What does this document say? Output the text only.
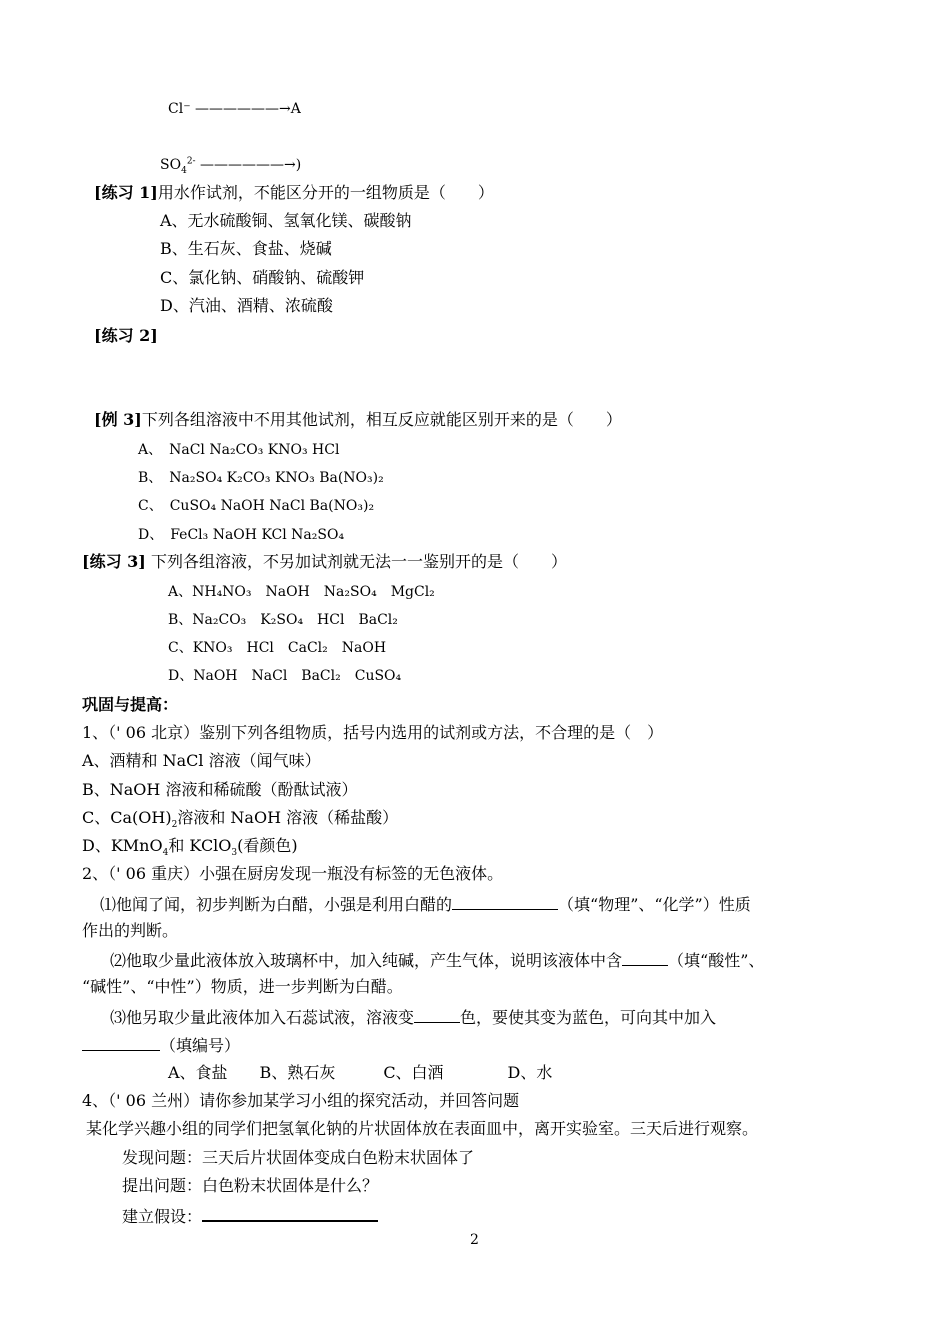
Cl⁻ ——————→A
$SO_4^{2-}$ ——————→)
[练习 1]用水作试剂，不能区分开的一组物质是（　　）
A、无水硫酸铜、氢氧化镁、碳酸钠
B、生石灰、食盐、烧碱
C、氯化钠、硝酸钠、硫酸钾
D、汽油、酒精、浓硫酸
[练习 2]
[例 3]下列各组溶液中不用其他试剂，相互反应就能区别开来的是（　　）
A、　NaCl Na₂CO₃ KNO₃ HCl
B、　Na₂SO₄ K₂CO₃ KNO₃ Ba(NO₃)₂
C、　CuSO₄ NaOH NaCl Ba(NO₃)₂
D、　FeCl₃ NaOH KCl Na₂SO₄
[练习 3] 下列各组溶液，不另加试剂就无法一一鉴别开的是（　　）
A、NH₄NO₃　NaOH　Na₂SO₄　MgCl₂
B、Na₂CO₃　K₂SO₄　HCl　BaCl₂
C、KNO₃　HCl　CaCl₂　NaOH
D、NaOH　NaCl　BaCl₂　CuSO₄
巩固与提高：
1、（' 06 北京）鉴别下列各组物质，括号内选用的试剂或方法，不合理的是（　）
A、酒精和 NaCl 溶液（闻气味）
B、NaOH 溶液和稀硫酸（酚酞试液）
C、$Ca(OH)_2$溶液和 NaOH 溶液（稀盐酸）
D、KMnO$_4$和 KClO$_3$(看颜色)
2、（' 06 重庆）小强在厨房发现一瓶没有标签的无色液体。
⑴他闻了闻，初步判断为白醋，小强是利用白醋的	（填“物理”、“化学”）性质
作出的判断。
⑵他取少量此液体放入玻璃杯中，加入纯碱，产生气体，说明该液体中含	（填“酸性”、
“碱性”、“中性”）物质，进一步判断为白醋。
⑶他另取少量此液体加入石蕊试液，溶液变	色，要使其变为蓝色，可向其中加入
（填编号）
A、食盐　　B、熟石灰　　　C、白酒　　　　D、水
4、（' 06 兰州）请你参加某学习小组的探究活动，并回答问题
某化学兴趣小组的同学们把氢氧化钠的片状固体放在表面皿中，离开实验室。三天后进行观察。
发现问题：三天后片状固体变成白色粉末状固体了
提出问题：白色粉末状固体是什么？
建立假设：
2
